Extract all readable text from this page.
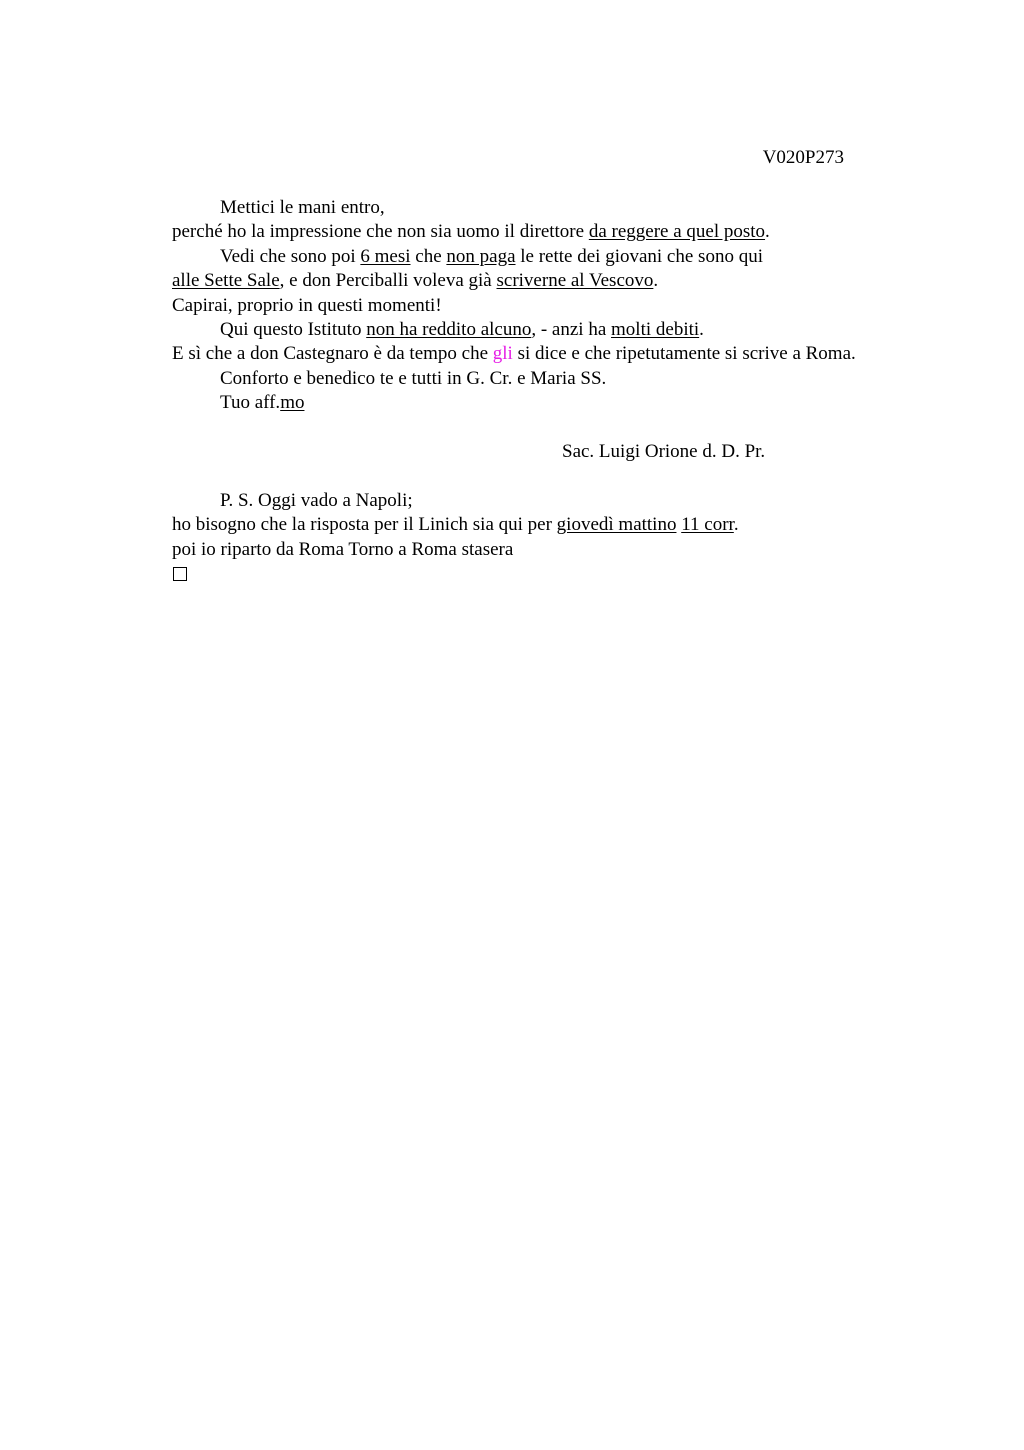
V020P273
Mettici le mani entro,
perché ho la impressione che non sia uomo il direttore da reggere a quel posto.
Vedi che sono poi 6 mesi che non paga le rette dei giovani che sono qui
alle Sette Sale, e don Perciballi voleva già scriverne al Vescovo.
Capirai, proprio in questi momenti!
Qui questo Istituto non ha reddito alcuno, - anzi ha molti debiti.
E sì che a don Castegnaro è da tempo che gli si dice e che ripetutamente si scrive a Roma.
Conforto e benedico te e tutti in G. Cr. e Maria SS.
Tuo aff.mo
Sac. Luigi Orione d. D. Pr.
P. S. Oggi vado a Napoli;
ho bisogno che la risposta per il Linich sia qui per giovedì mattino 11 corr.
poi io riparto da Roma Torno a Roma stasera
